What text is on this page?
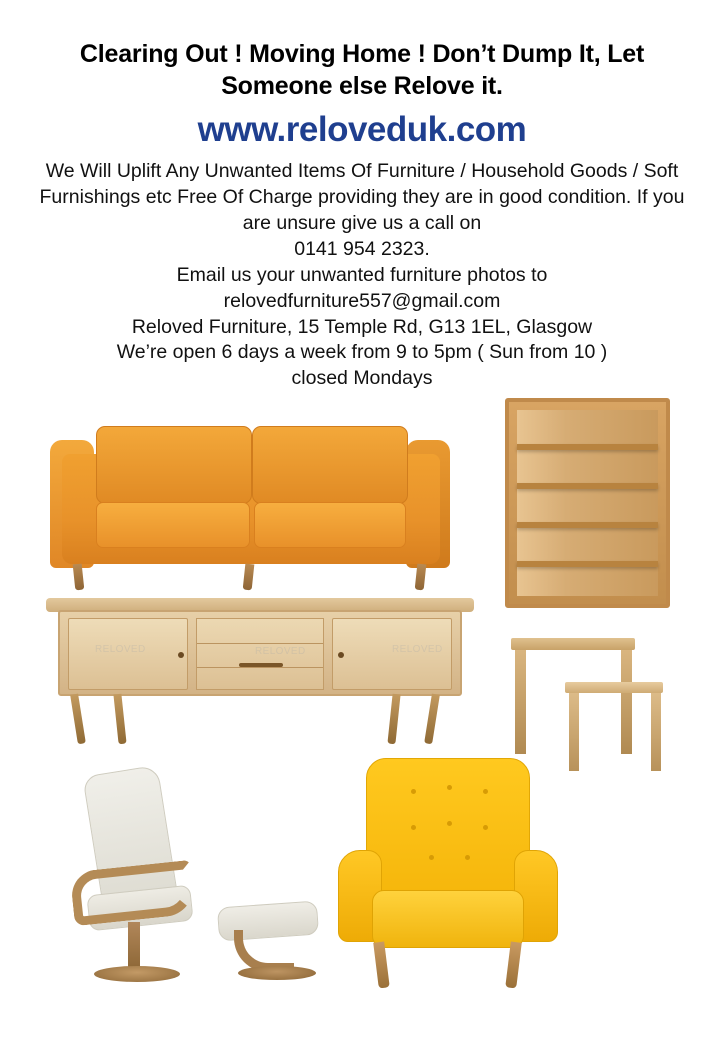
Clearing Out ! Moving Home ! Don’t Dump It, Let Someone else Relove it.
www.reloveduk.com

We Will Uplift Any Unwanted Items Of Furniture / Household Goods / Soft Furnishings etc Free Of Charge providing they are in good condition. If you are unsure give us a call on

0141 954 2323.

Email us your unwanted furniture photos to

relovedfurniture557@gmail.com

Reloved Furniture, 15 Temple Rd, G13 1EL, Glasgow

We’re open 6 days a week from 9 to 5pm ( Sun from 10 )

closed Mondays

RELOVED	RELOVED	RELOVED
